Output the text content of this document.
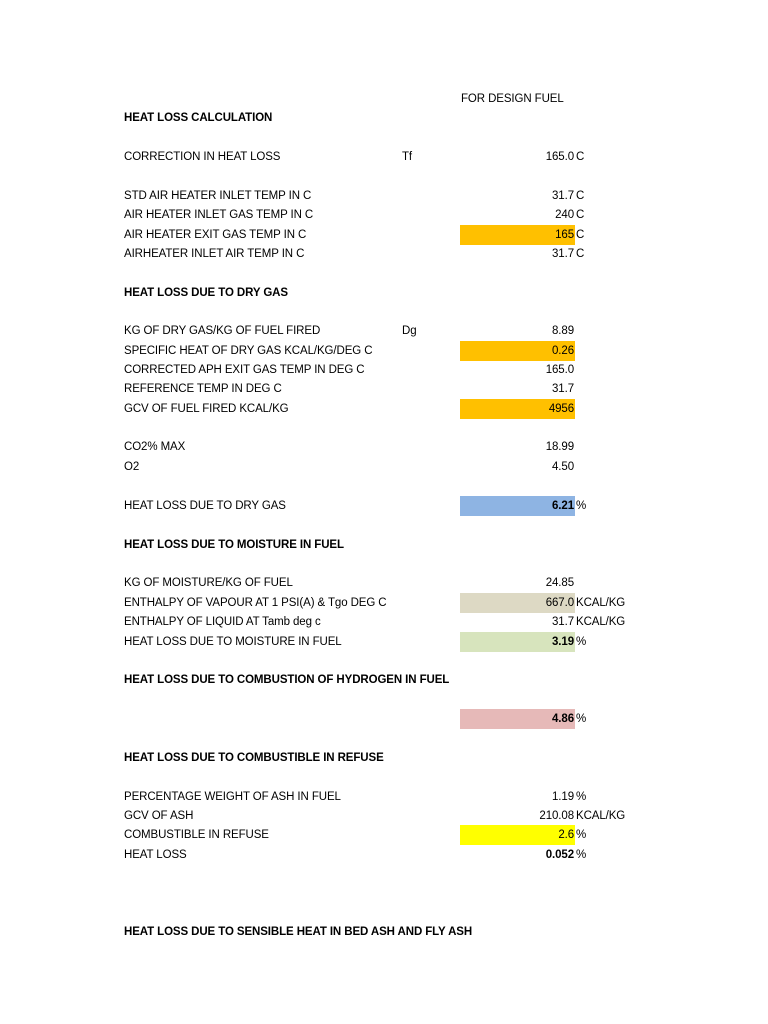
FOR DESIGN FUEL
HEAT LOSS CALCULATION
CORRECTION IN HEAT LOSS	Tf	165.0 C
STD AIR HEATER INLET TEMP IN C	31.7 C
AIR HEATER INLET GAS TEMP IN C	240 C
AIR HEATER EXIT GAS TEMP IN C	165 C
AIRHEATER INLET AIR TEMP IN C	31.7 C
HEAT LOSS DUE TO DRY GAS
KG OF DRY GAS/KG OF FUEL FIRED	Dg	8.89
SPECIFIC HEAT OF DRY GAS KCAL/KG/DEG C	0.26
CORRECTED APH EXIT GAS TEMP IN DEG C	165.0
REFERENCE TEMP IN DEG C	31.7
GCV OF FUEL FIRED KCAL/KG	4956
CO2% MAX	18.99
O2	4.50
HEAT LOSS DUE TO DRY GAS	6.21 %
HEAT LOSS DUE TO MOISTURE IN FUEL
KG OF MOISTURE/KG OF FUEL	24.85
ENTHALPY OF VAPOUR AT 1 PSI(A) & Tgo DEG C	667.0 KCAL/KG
ENTHALPY OF LIQUID AT Tamb deg c	31.7 KCAL/KG
HEAT LOSS DUE TO MOISTURE IN FUEL	3.19 %
HEAT LOSS DUE TO COMBUSTION OF HYDROGEN IN FUEL
4.86 %
HEAT LOSS DUE TO COMBUSTIBLE IN REFUSE
PERCENTAGE WEIGHT OF ASH IN FUEL	1.19 %
GCV OF ASH	210.08 KCAL/KG
COMBUSTIBLE IN REFUSE	2.6 %
HEAT LOSS	0.052 %
HEAT LOSS DUE TO SENSIBLE HEAT IN BED ASH AND FLY ASH
